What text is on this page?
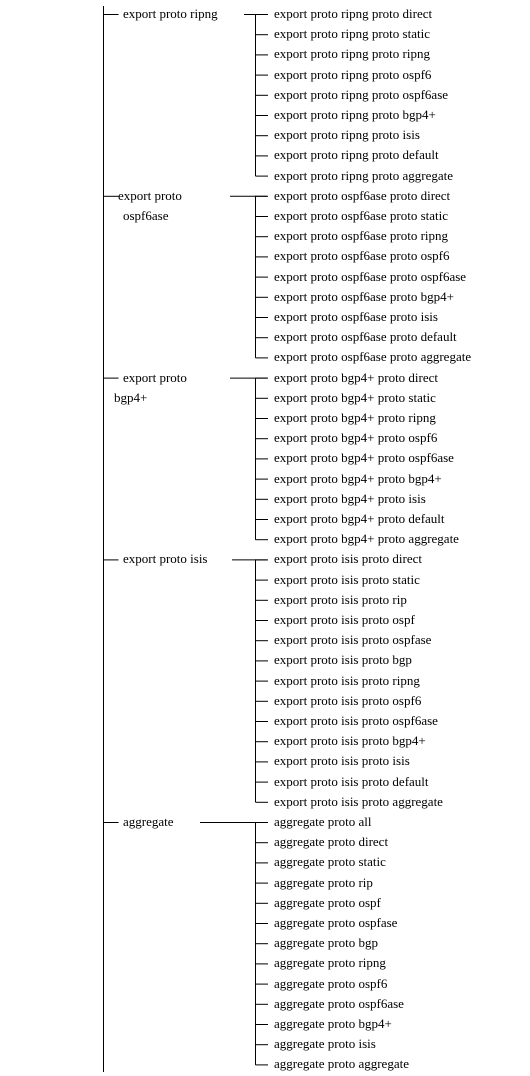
export proto ripng	export proto ripng proto direct
export proto ripng proto static
export proto ripng proto ripng
export proto ripng proto ospf6
export proto ripng proto ospf6ase
export proto ripng proto bgp4+
export proto ripng proto isis
export proto ripng proto default
export proto ripng proto aggregate
export proto
ospf6ase
export proto ospf6ase proto direct
export proto ospf6ase proto static
export proto ospf6ase proto ripng
export proto ospf6ase proto ospf6
export proto ospf6ase proto ospf6ase
export proto ospf6ase proto bgp4+
export proto ospf6ase proto isis
export proto ospf6ase proto default
export proto ospf6ase proto aggregate
export proto
bgp4+
export proto bgp4+ proto direct
export proto bgp4+ proto static
export proto bgp4+ proto ripng
export proto bgp4+ proto ospf6
export proto bgp4+ proto ospf6ase
export proto bgp4+ proto bgp4+
export proto bgp4+ proto isis
export proto bgp4+ proto default
export proto bgp4+ proto aggregate
export proto isis	export proto isis proto direct
export proto isis proto static
export proto isis proto rip
export proto isis proto ospf
export proto isis proto ospfase
export proto isis proto bgp
export proto isis proto ripng
export proto isis proto ospf6
export proto isis proto ospf6ase
export proto isis proto bgp4+
export proto isis proto isis
export proto isis proto default
export proto isis proto aggregate
aggregate	aggregate proto all
aggregate proto direct
aggregate proto static
aggregate proto rip
aggregate proto ospf
aggregate proto ospfase
aggregate proto bgp
aggregate proto ripng
aggregate proto ospf6
aggregate proto ospf6ase
aggregate proto bgp4+
aggregate proto isis
aggregate proto aggregate
